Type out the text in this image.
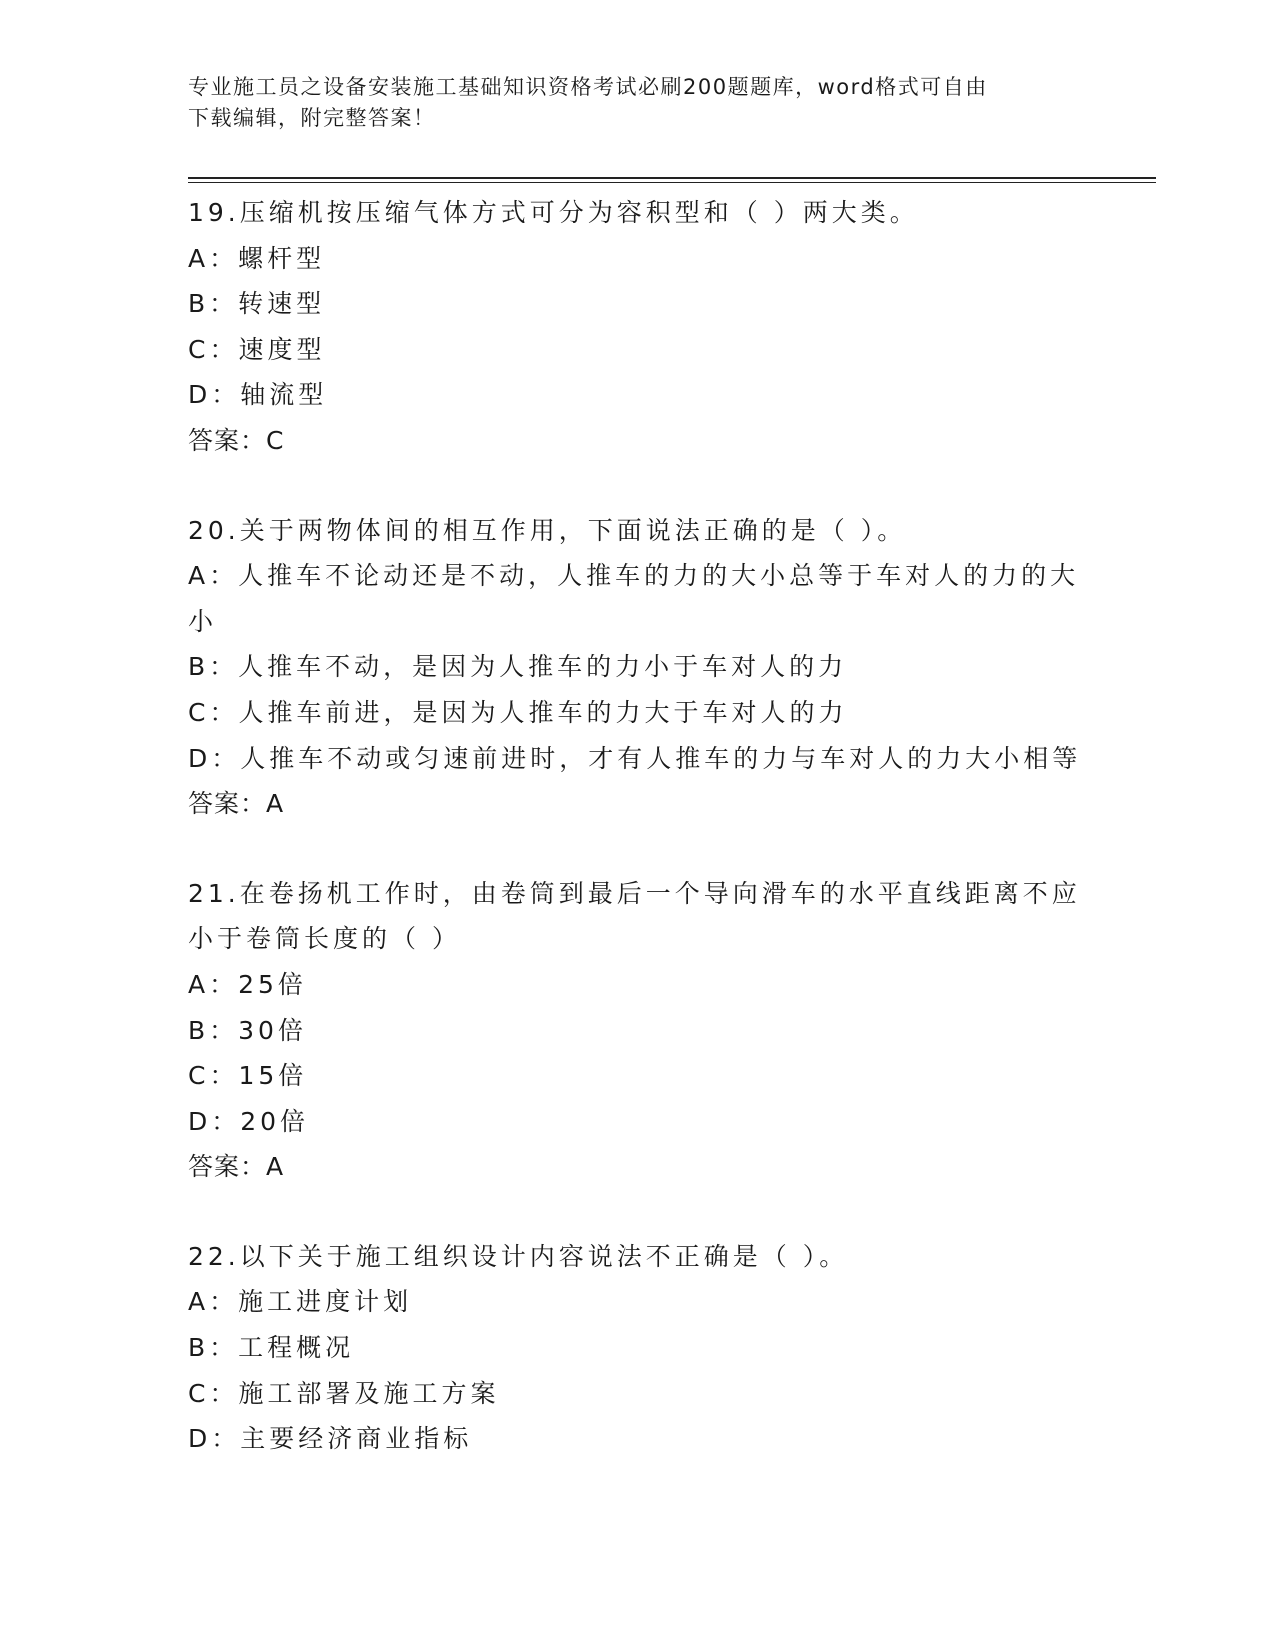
专业施工员之设备安装施工基础知识资格考试必刷200题题库，word格式可自由
下载编辑，附完整答案！
19.压缩机按压缩气体方式可分为容积型和（ ）两大类。
A：螺杆型
B：转速型
C：速度型
D：轴流型
答案：C
20.关于两物体间的相互作用，下面说法正确的是（ ）。
A：人推车不论动还是不动，人推车的力的大小总等于车对人的力的大
小
B：人推车不动，是因为人推车的力小于车对人的力
C：人推车前进，是因为人推车的力大于车对人的力
D：人推车不动或匀速前进时，才有人推车的力与车对人的力大小相等
答案：A
21.在卷扬机工作时，由卷筒到最后一个导向滑车的水平直线距离不应
小于卷筒长度的（ ）
A：25倍
B：30倍
C：15倍
D：20倍
答案：A
22.以下关于施工组织设计内容说法不正确是（ ）。
A：施工进度计划
B：工程概况
C：施工部署及施工方案
D：主要经济商业指标
